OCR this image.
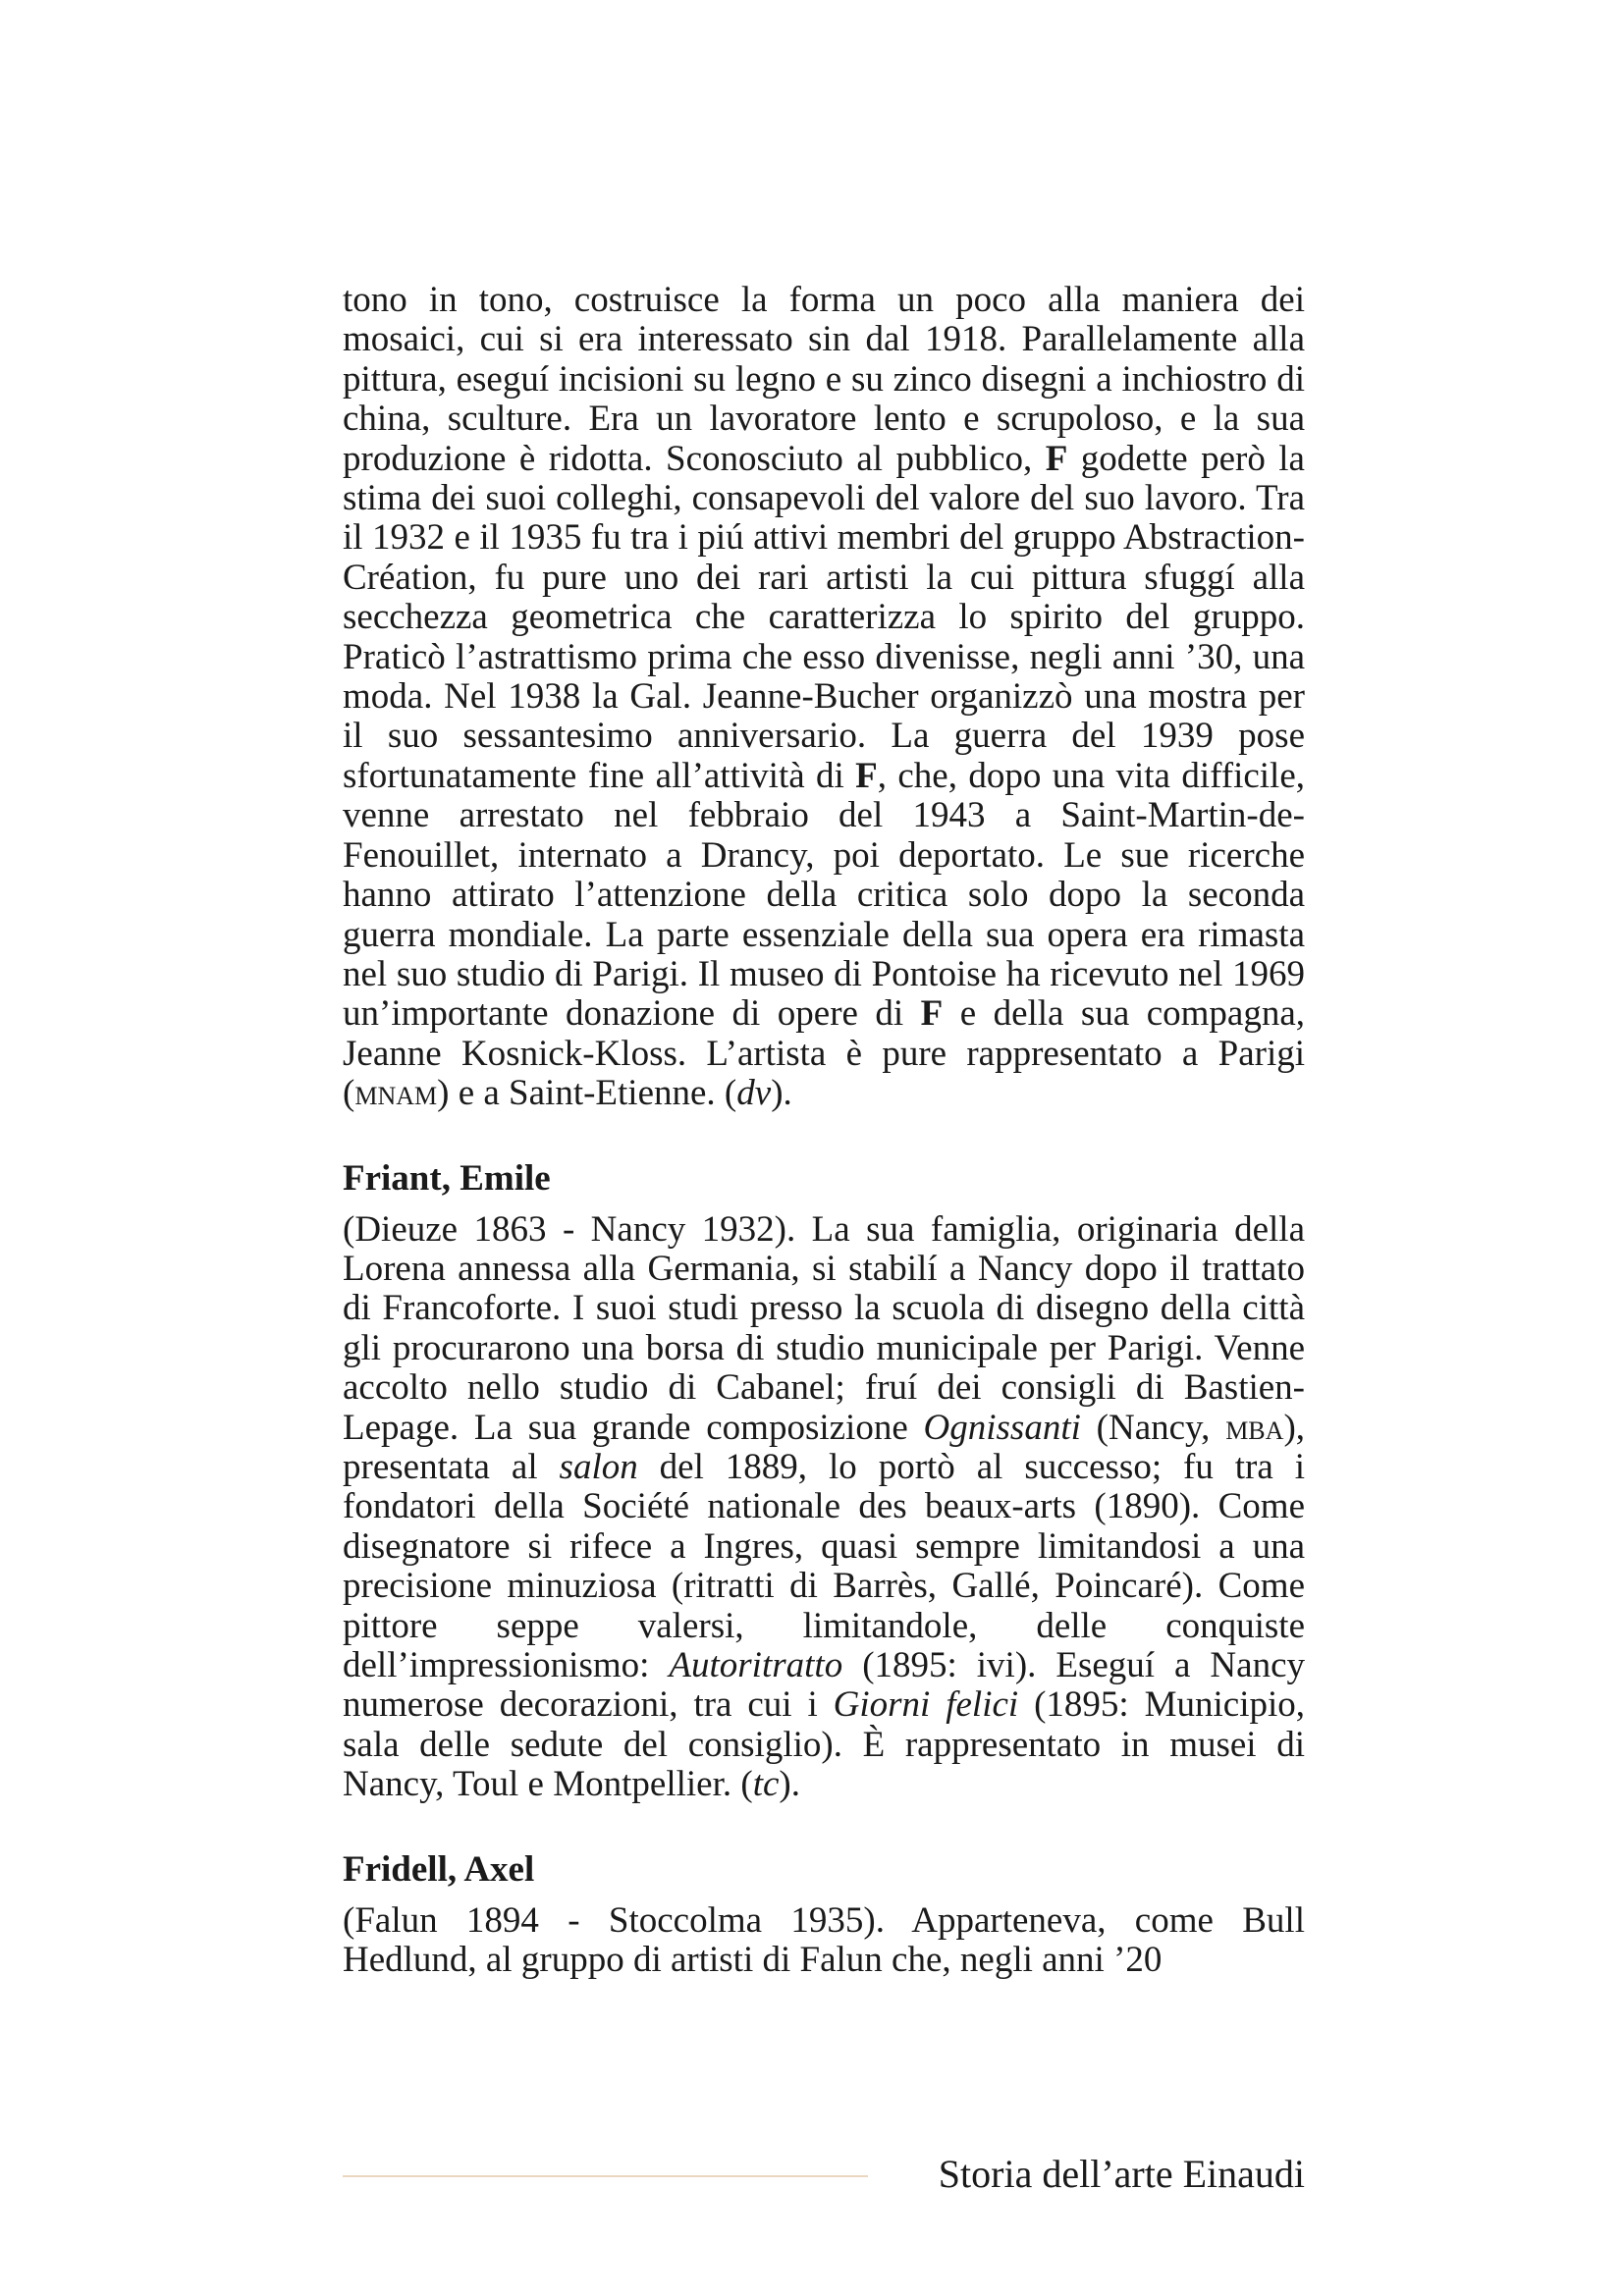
tono in tono, costruisce la forma un poco alla maniera dei mosaici, cui si era interessato sin dal 1918. Parallelamente alla pittura, eseguí incisioni su legno e su zinco disegni a inchiostro di china, sculture. Era un lavoratore lento e scrupoloso, e la sua produzione è ridotta. Sconosciuto al pubblico, F godette però la stima dei suoi colleghi, consapevoli del valore del suo lavoro. Tra il 1932 e il 1935 fu tra i piú attivi membri del gruppo Abstraction-Création, fu pure uno dei rari artisti la cui pittura sfuggí alla secchezza geometrica che caratterizza lo spirito del gruppo. Praticò l’astrattismo prima che esso divenisse, negli anni ’30, una moda. Nel 1938 la Gal. Jeanne-Bucher organizzò una mostra per il suo sessantesimo anniversario. La guerra del 1939 pose sfortunatamente fine all’attività di F, che, dopo una vita difficile, venne arrestato nel febbraio del 1943 a Saint-Martin-de-Fenouillet, internato a Drancy, poi deportato. Le sue ricerche hanno attirato l’attenzione della critica solo dopo la seconda guerra mondiale. La parte essenziale della sua opera era rimasta nel suo studio di Parigi. Il museo di Pontoise ha ricevuto nel 1969 un’importante donazione di opere di F e della sua compagna, Jeanne Kosnick-Kloss. L’artista è pure rappresentato a Parigi (mnam) e a Saint-Etienne. (dv).

Friant, Emile

(Dieuze 1863 - Nancy 1932). La sua famiglia, originaria della Lorena annessa alla Germania, si stabilí a Nancy dopo il trattato di Francoforte. I suoi studi presso la scuola di disegno della città gli procurarono una borsa di studio municipale per Parigi. Venne accolto nello studio di Cabanel; fruí dei consigli di Bastien-Lepage. La sua grande composizione Ognissanti (Nancy, mba), presentata al salon del 1889, lo portò al successo; fu tra i fondatori della Société nationale des beaux-arts (1890). Come disegnatore si rifece a Ingres, quasi sempre limitandosi a una precisione minuziosa (ritratti di Barrès, Gallé, Poincaré). Come pittore seppe valersi, limitandole, delle conquiste dell’impressionismo: Autoritratto (1895: ivi). Eseguí a Nancy numerose decorazioni, tra cui i Giorni felici (1895: Municipio, sala delle sedute del consiglio). È rappresentato in musei di Nancy, Toul e Montpellier. (tc).

Fridell, Axel

(Falun 1894 - Stoccolma 1935). Apparteneva, come Bull Hedlund, al gruppo di artisti di Falun che, negli anni ’20

Storia dell’arte Einaudi
